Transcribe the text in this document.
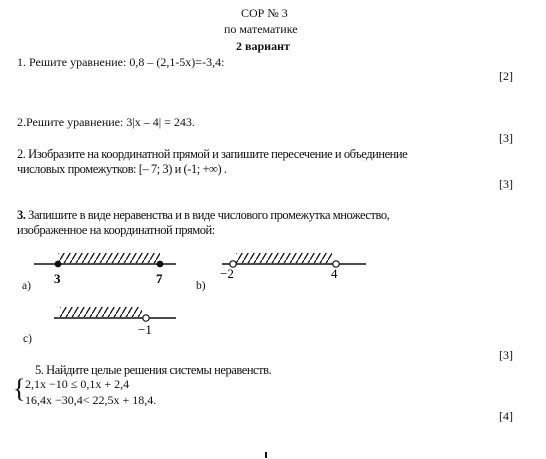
СОР № 3
по математике
2 вариант
1. Решите уравнение: 0,8 – (2,1-5х)=-3,4:
[2]
2.Решите уравнение: 3|x – 4| = 243.
[3]
2. Изобразите на координатной прямой и запишите пересечение и объединение
числовых промежутков: [– 7; 3) и (-1; +∞) .
[3]
3. Запишите в виде неравенства и в виде числового промежутка множество,
изображенное на координатной прямой:
3	7
a)
−2	4
b)
−1
c)
[3]
5. Найдите целые решения системы неравенств.
{ 2,1x −10 ≤ 0,1x + 2,4
16,4x −30,4< 22,5x + 18,4.
[4]
